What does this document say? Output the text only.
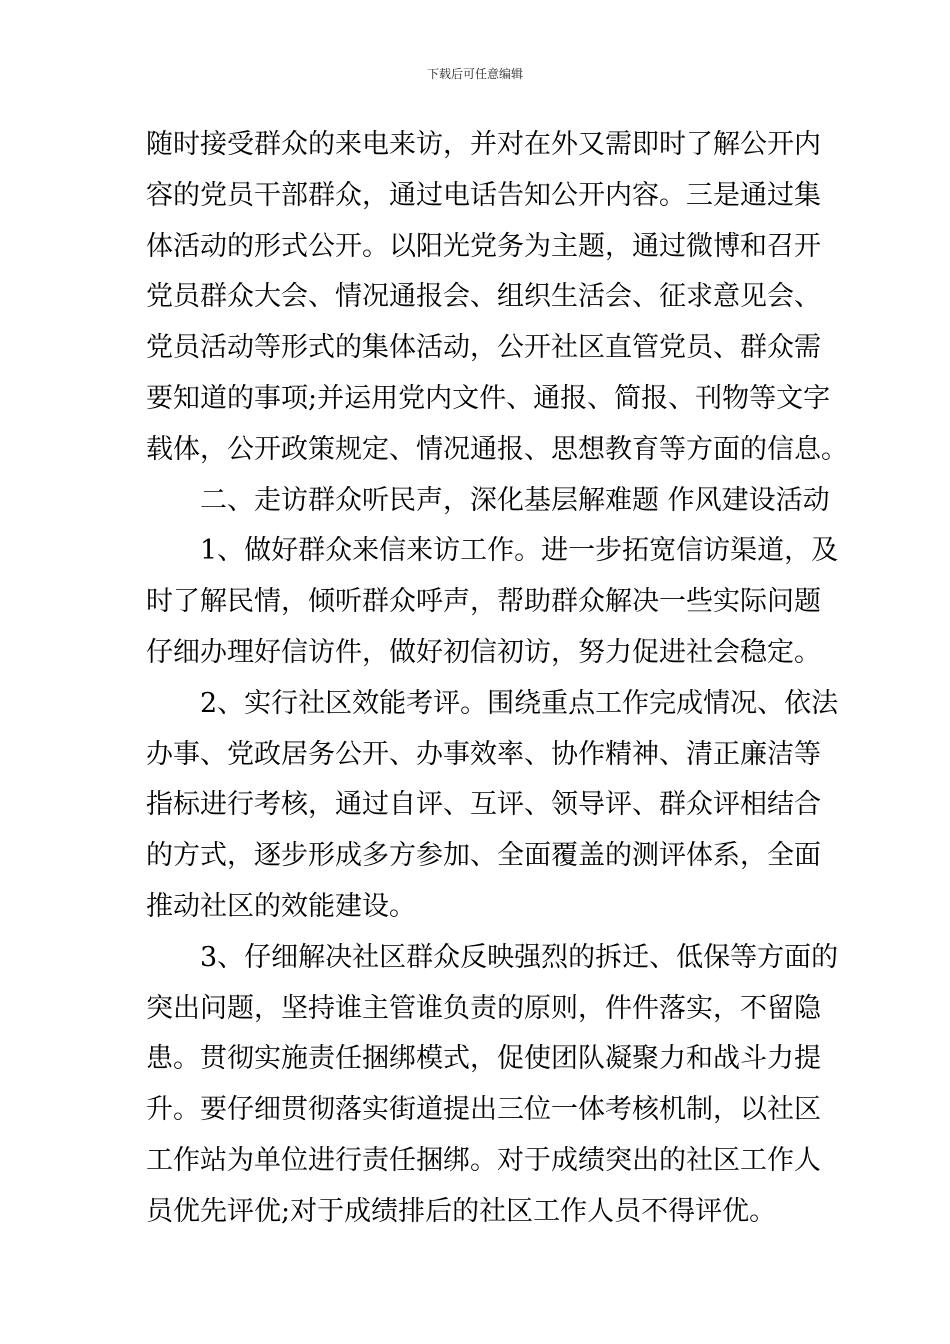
下载后可任意编辑
随时接受群众的来电来访，并对在外又需即时了解公开内
容的党员干部群众，通过电话告知公开内容。三是通过集
体活动的形式公开。以阳光党务为主题，通过微博和召开
党员群众大会、情况通报会、组织生活会、征求意见会、
党员活动等形式的集体活动，公开社区直管党员、群众需
要知道的事项;并运用党内文件、通报、简报、刊物等文字
载体，公开政策规定、情况通报、思想教育等方面的信息。
二、走访群众听民声，深化基层解难题 作风建设活动
1、做好群众来信来访工作。进一步拓宽信访渠道，及
时了解民情，倾听群众呼声，帮助群众解决一些实际问题
仔细办理好信访件，做好初信初访，努力促进社会稳定。
2、实行社区效能考评。围绕重点工作完成情况、依法
办事、党政居务公开、办事效率、协作精神、清正廉洁等
指标进行考核，通过自评、互评、领导评、群众评相结合
的方式，逐步形成多方参加、全面覆盖的测评体系，全面
推动社区的效能建设。
3、仔细解决社区群众反映强烈的拆迁、低保等方面的
突出问题，坚持谁主管谁负责的原则，件件落实，不留隐
患。贯彻实施责任捆绑模式，促使团队凝聚力和战斗力提
升。要仔细贯彻落实街道提出三位一体考核机制，以社区
工作站为单位进行责任捆绑。对于成绩突出的社区工作人
员优先评优;对于成绩排后的社区工作人员不得评优。
